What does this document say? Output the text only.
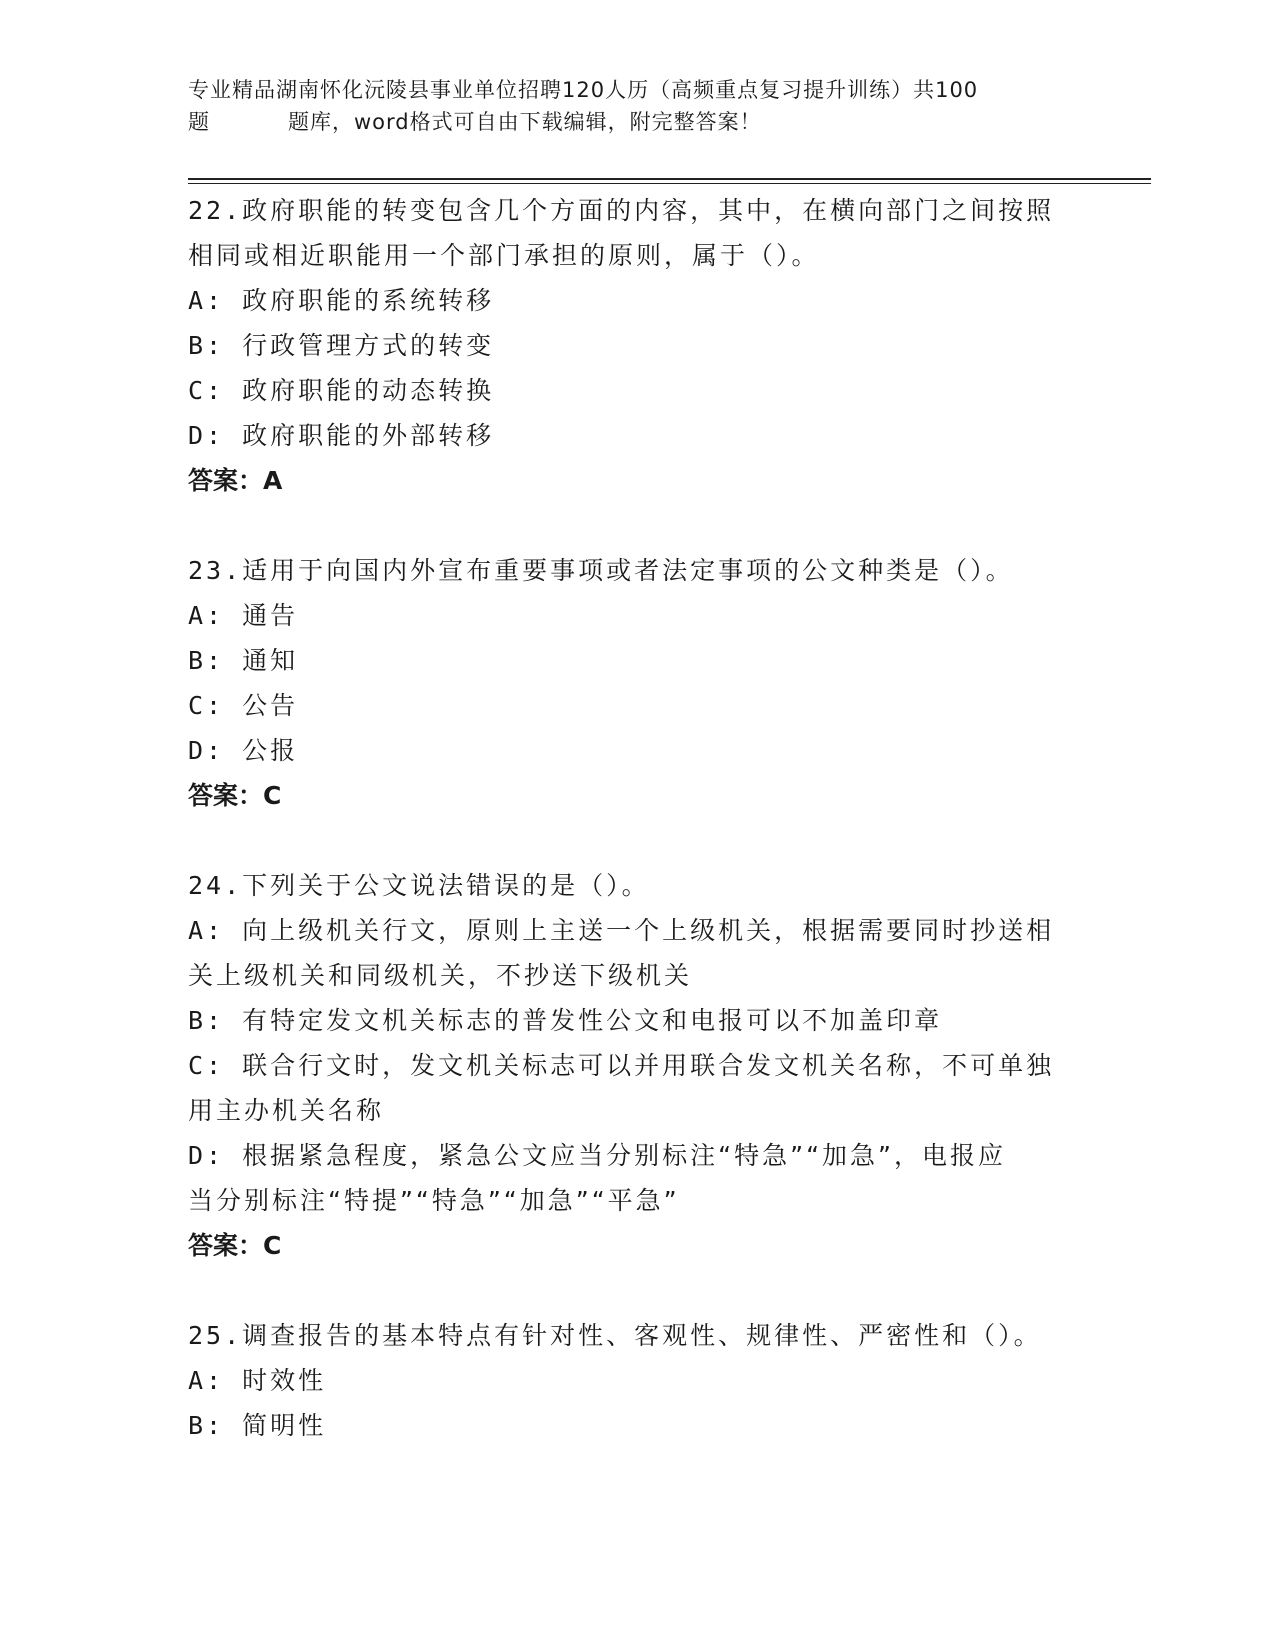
专业精品湖南怀化沅陵县事业单位招聘120人历（高频重点复习提升训练）共100
题	题库，word格式可自由下载编辑，附完整答案！
22.政府职能的转变包含几个方面的内容，其中，在横向部门之间按照
相同或相近职能用一个部门承担的原则，属于（）。
A: 政府职能的系统转移
B: 行政管理方式的转变
C: 政府职能的动态转换
D: 政府职能的外部转移
答案：A
23.适用于向国内外宣布重要事项或者法定事项的公文种类是（）。
A: 通告
B: 通知
C: 公告
D: 公报
答案：C
24.下列关于公文说法错误的是（）。
A: 向上级机关行文，原则上主送一个上级机关，根据需要同时抄送相
关上级机关和同级机关，不抄送下级机关
B: 有特定发文机关标志的普发性公文和电报可以不加盖印章
C: 联合行文时，发文机关标志可以并用联合发文机关名称，不可单独
用主办机关名称
D: 根据紧急程度，紧急公文应当分别标注“特急”“加急”，电报应
当分别标注“特提”“特急”“加急”“平急”
答案：C
25.调查报告的基本特点有针对性、客观性、规律性、严密性和（）。
A: 时效性
B: 简明性
